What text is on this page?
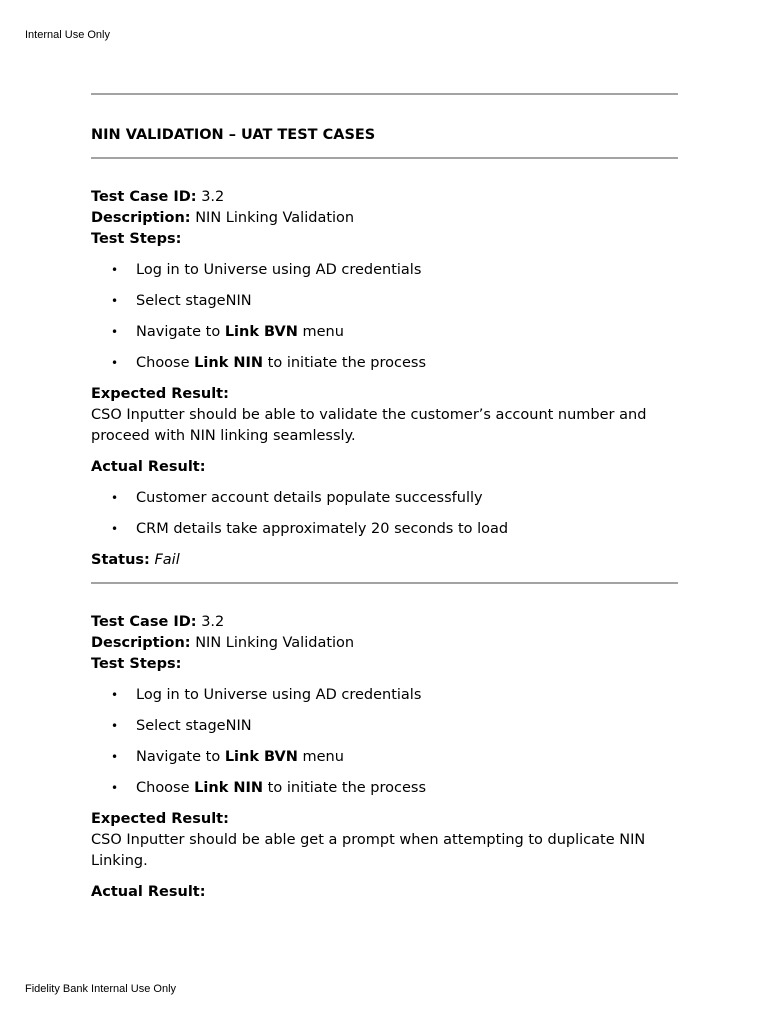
Internal Use Only
NIN VALIDATION – UAT TEST CASES

Test Case ID: 3.2

Description: NIN Linking Validation

Test Steps:

• Log in to Universe using AD credentials
• Select stageNIN
• Navigate to Link BVN menu
• Choose Link NIN to initiate the process

Expected Result:

CSO Inputter should be able to validate the customer’s account number and proceed with NIN linking seamlessly.

Actual Result:

• Customer account details populate successfully
• CRM details take approximately 20 seconds to load

Status: Fail

Test Case ID: 3.2

Description: NIN Linking Validation

Test Steps:

• Log in to Universe using AD credentials
• Select stageNIN
• Navigate to Link BVN menu
• Choose Link NIN to initiate the process

Expected Result:

CSO Inputter should be able get a prompt when attempting to duplicate NIN Linking.

Actual Result:

Fidelity Bank Internal Use Only
